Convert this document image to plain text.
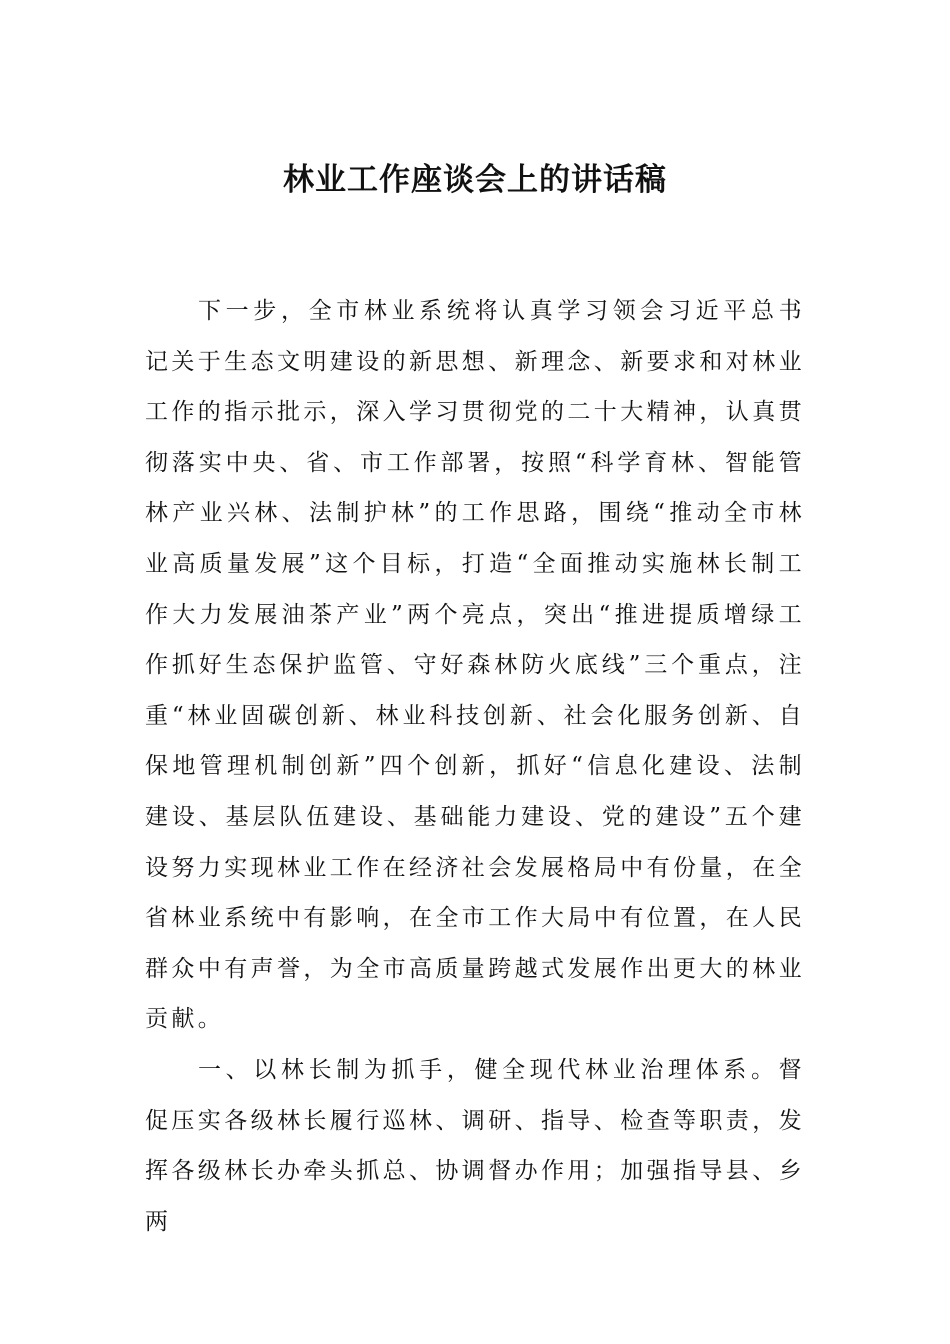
林业工作座谈会上的讲话稿

下一步，全市林业系统将认真学习领会习近平总书记关于生态文明建设的新思想、新理念、新要求和对林业工作的指示批示，深入学习贯彻党的二十大精神，认真贯彻落实中央、省、市工作部署，按照“科学育林、智能管林产业兴林、法制护林”的工作思路，围绕“推动全市林业高质量发展”这个目标，打造“全面推动实施林长制工作大力发展油茶产业”两个亮点，突出“推进提质增绿工作抓好生态保护监管、守好森林防火底线”三个重点，注重“林业固碳创新、林业科技创新、社会化服务创新、自保地管理机制创新”四个创新，抓好“信息化建设、法制建设、基层队伍建设、基础能力建设、党的建设”五个建设努力实现林业工作在经济社会发展格局中有份量，在全省林业系统中有影响，在全市工作大局中有位置，在人民群众中有声誉，为全市高质量跨越式发展作出更大的林业贡献。

一、以林长制为抓手，健全现代林业治理体系。督促压实各级林长履行巡林、调研、指导、检查等职责，发挥各级林长办牵头抓总、协调督办作用；加强指导县、乡两
